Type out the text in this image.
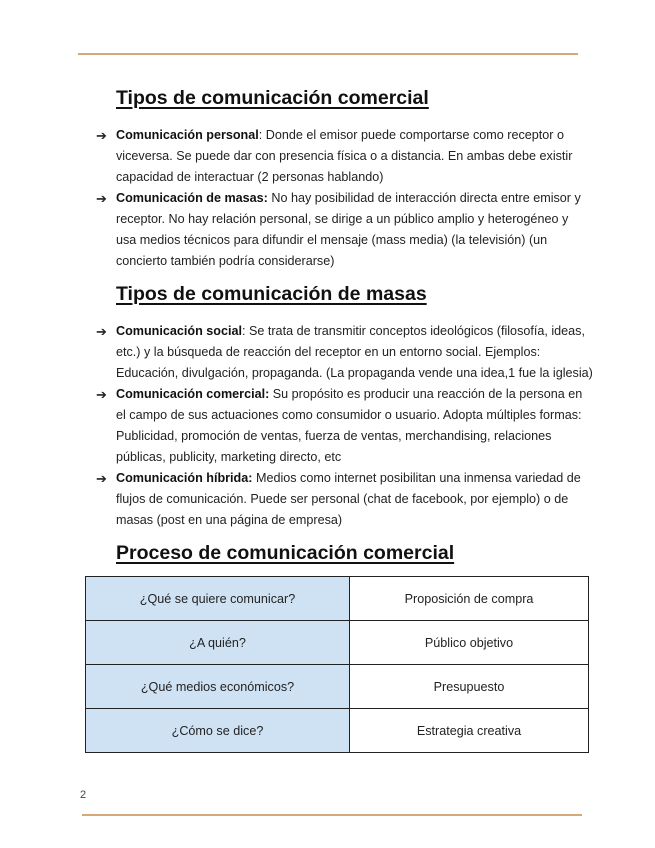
Tipos de comunicación comercial
➔ Comunicación personal: Donde el emisor puede comportarse como receptor o
viceversa. Se puede dar con presencia física o a distancia. En ambas debe existir
capacidad de interactuar (2 personas hablando)
➔ Comunicación de masas: No hay posibilidad de interacción directa entre emisor y
receptor. No hay relación personal, se dirige a un público amplio y heterogéneo y
usa medios técnicos para difundir el mensaje (mass media) (la televisión) (un
concierto también podría considerarse)
Tipos de comunicación de masas
➔ Comunicación social: Se trata de transmitir conceptos ideológicos (filosofía, ideas,
etc.) y la búsqueda de reacción del receptor en un entorno social. Ejemplos:
Educación, divulgación, propaganda. (La propaganda vende una idea,1 fue la iglesia)
➔ Comunicación comercial: Su propósito es producir una reacción de la persona en
el campo de sus actuaciones como consumidor o usuario. Adopta múltiples formas:
Publicidad, promoción de ventas, fuerza de ventas, merchandising, relaciones
públicas, publicity, marketing directo, etc
➔ Comunicación híbrida: Medios como internet posibilitan una inmensa variedad de
flujos de comunicación. Puede ser personal (chat de facebook, por ejemplo) o de
masas (post en una página de empresa)
Proceso de comunicación comercial
¿Qué se quiere comunicar?	Proposición de compra
¿A quién?	Público objetivo
¿Qué medios económicos?	Presupuesto
¿Cómo se dice?	Estrategia creativa
2
